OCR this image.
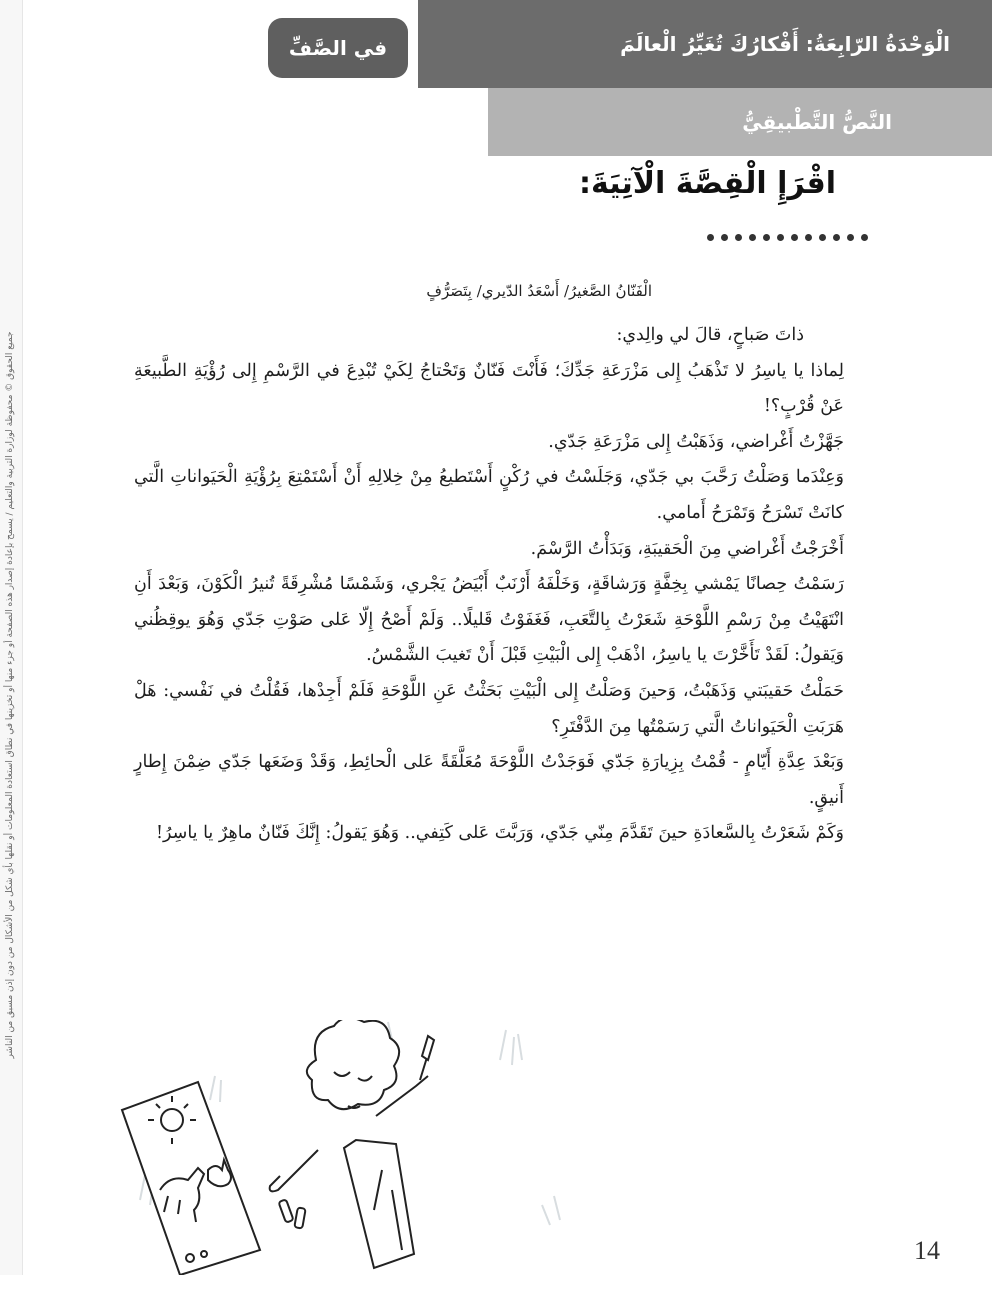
جميع الحقوق © محفوظة لوزارة التربية والتعليم / يسمح بإعادة إصدار هذه الصفحة أو جزء منها أو تخزينها في نطاق استعادة المعلومات أو نقلها بأي شكل من الأشكال من دون إذن مسبق من الناشر
في الصَّفِّ	الْوَحْدَةُ الرّابِعَةُ: أَفْكارُكَ تُغَيِّرُ الْعالَمَ
النَّصُّ التَّطْبيقِيُّ
اقْرَإِ الْقِصَّةَ الْآتِيَةَ:
الْفَنّانُ الصَّغيرُ/ أَسْعَدُ الدّيري/ بِتَصَرُّفٍ

ذاتَ صَباحٍ، قالَ لي والِدي:

لِماذا يا ياسِرُ لا تَذْهَبُ إِلى مَزْرَعَةِ جَدِّكَ؛ فَأَنْتَ فَنّانٌ وَتَحْتاجُ لِكَيْ تُبْدِعَ في الرَّسْمِ إِلى رُؤْيَةِ الطَّبيعَةِ عَنْ قُرْبٍ؟!

جَهَّزْتُ أَغْراضي، وَذَهَبْتُ إِلى مَزْرَعَةِ جَدّي.

وَعِنْدَما وَصَلْتُ رَحَّبَ بي جَدّي، وَجَلَسْتُ في رُكْنٍ أَسْتَطيعُ مِنْ خِلالِهِ أَنْ أَسْتَمْتِعَ بِرُؤْيَةِ الْحَيَواناتِ الَّتي كانَتْ تَسْرَحُ وَتَمْرَحُ أَمامي.

أَخْرَجْتُ أَغْراضي مِنَ الْحَقيبَةِ، وَبَدَأْتُ الرَّسْمَ.

رَسَمْتُ حِصانًا يَمْشي بِخِفَّةٍ وَرَشاقَةٍ، وَخَلْفَهُ أَرْنَبٌ أَبْيَضُ يَجْري، وَشَمْسًا مُشْرِقَةً تُنيرُ الْكَوْنَ، وَبَعْدَ أَنِ انْتَهَيْتُ مِنْ رَسْمِ اللَّوْحَةِ شَعَرْتُ بِالتَّعَبِ، فَغَفَوْتُ قَليلًا.. وَلَمْ أَصْحُ إِلّا عَلى صَوْتِ جَدّي وَهُوَ يوقِظُني وَيَقولُ: لَقَدْ تَأَخَّرْتَ يا ياسِرُ، اذْهَبْ إِلى الْبَيْتِ قَبْلَ أَنْ تَغيبَ الشَّمْسُ.

حَمَلْتُ حَقيبَتي وَذَهَبْتُ، وَحينَ وَصَلْتُ إِلى الْبَيْتِ بَحَثْتُ عَنِ اللَّوْحَةِ فَلَمْ أَجِدْها، فَقُلْتُ في نَفْسي: هَلْ هَرَبَتِ الْحَيَواناتُ الَّتي رَسَمْتُها مِنَ الدَّفْتَرِ؟

وَبَعْدَ عِدَّةِ أَيّامٍ - قُمْتُ بِزِيارَةِ جَدّي فَوَجَدْتُ اللَّوْحَةَ مُعَلَّقَةً عَلى الْحائِطِ، وَقَدْ وَضَعَها جَدّي ضِمْنَ إِطارٍ أَنيقٍ.

وَكَمْ شَعَرْتُ بِالسَّعادَةِ حينَ تَقَدَّمَ مِنّي جَدّي، وَرَبَّتَ عَلى كَتِفي.. وَهُوَ يَقولُ: إِنَّكَ فَنّانٌ ماهِرٌ يا ياسِرُ!

14
